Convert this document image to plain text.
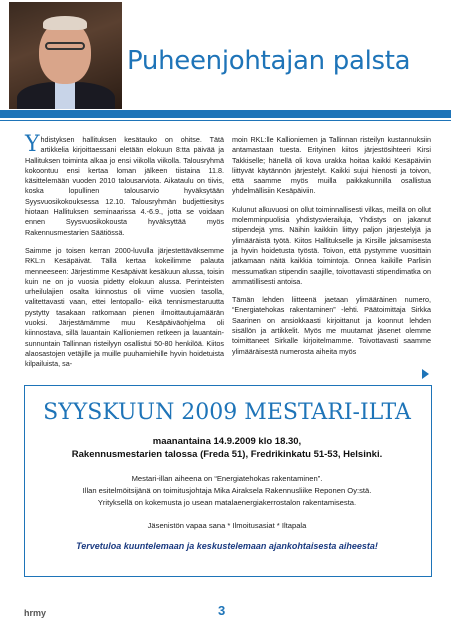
Puheenjohtajan palsta

Yhdistyksen hallituksen kesätauko on ohitse. Tätä artikkelia kirjoittaessani eletään elokuun 8:tta päivää ja Hallituksen toiminta alkaa jo ensi viikolla viikolla. Talousryhmä kokoontuu ensi kertaa loman jälkeen tiistaina 11.8. käsittelemään vuoden 2010 talousarviota. Aikataulu on tiivis, koska lopullinen talousarvio hyväksytään Syysvuosikokouksessa 12.10. Talousryhmän budjettiesitys hiotaan Hallituksen seminaarissa 4.-6.9., jotta se voidaan ennen Syysvuosikokousta hyväksyttää myös Rakennusmestarien Säätiössä.

Saimme jo toisen kerran 2000-luvulla järjestettäväksemme RKL:n Kesäpäivät. Tällä kertaa kokeilimme palauta menneeseen: Järjestimme Kesäpäivät kesäkuun alussa, toisin kuin ne on jo vuosia pidetty elokuun alussa. Perinteisten urheilulajien osalta kiinnostus oli viime vuosien tasolla, valitettavasti vaan, ettei lentopallo- eikä tennismestaruutta pystytty tasakaan ratkomaan pienen ilmoittautujamäärän vuoksi. Järjestämämme muu Kesäpäiväohjelma oli kiinnostava, sillä lauantain Kallioniemen retkeen ja lauantain-sunnuntain Tallinnan risteilyyn osallistui 50-80 henkilöä. Kiitos alaosastojen vetäjille ja muille puuhamiehille hyvin hoidetuista kilpailuista, sa-

moin RKL:lle Kallioniemen ja Tallinnan risteilyn kustannuksiin antamastaan tuesta. Erityinen kiitos järjestösihteeri Kirsi Takkiselle; hänellä oli kova urakka hoitaa kaikki Kesäpäiviin liittyvät käytännön järjestelyt. Kaikki sujui hienosti ja toivon, että saamme myös muilla paikkakunnilla osallistua yhdelmällisiin Kesäpäiviin.

Kulunut alkuvuosi on ollut toiminnallisesti vilkas, meillä on ollut molemminpuolisia yhdistysvierailuja, Yhdistys on jakanut stipendejä yms. Näihin kaikkiin liittyy paljon järjestelyjä ja ylimääräistä työtä. Kiitos Hallitukselle ja Kirsille jaksamisesta ja hyvin hoidetusta työstä. Toivon, että pystymme vuosittain jatkamaan näitä kaikkia toimintoja. Onnea kaikille Parlisin messumatkan stipendin saajille, toivottavasti stipendimatka on ammatillisesti antoisa.

Tämän lehden liitteenä jaetaan ylimääräinen numero, “Energiatehokas rakentaminen” -lehti. Päätoimittaja Sirkka Saarinen on ansiokkaasti kirjoittanut ja koonnut lehden sisällön ja artikkelit. Myös me muutamat jäsenet olemme toimittaneet Sirkalle kirjoitelmamme. Toivottavasti saamme ylimääräisestä numerosta aiheita myös

SYYSKUUN 2009 MESTARI-ILTA
maanantaina 14.9.2009 klo 18.30,
Rakennusmestarien talossa (Freda 51), Fredrikinkatu 51-53, Helsinki.
Mestari-illan aiheena on “Energiatehokas rakentaminen”.
Illan esitelmöitsijänä on toimitusjohtaja Mika Airaksela Rakennusliike Reponen Oy:stä.
Yrityksellä on kokemusta jo usean matalaenergiakerrostalon rakentamisesta.
Jäsenistön vapaa sana * Ilmoitusasiat * Iltapala
Tervetuloa kuuntelemaan ja keskustelemaan ajankohtaisesta aiheesta!
hrmy	3
